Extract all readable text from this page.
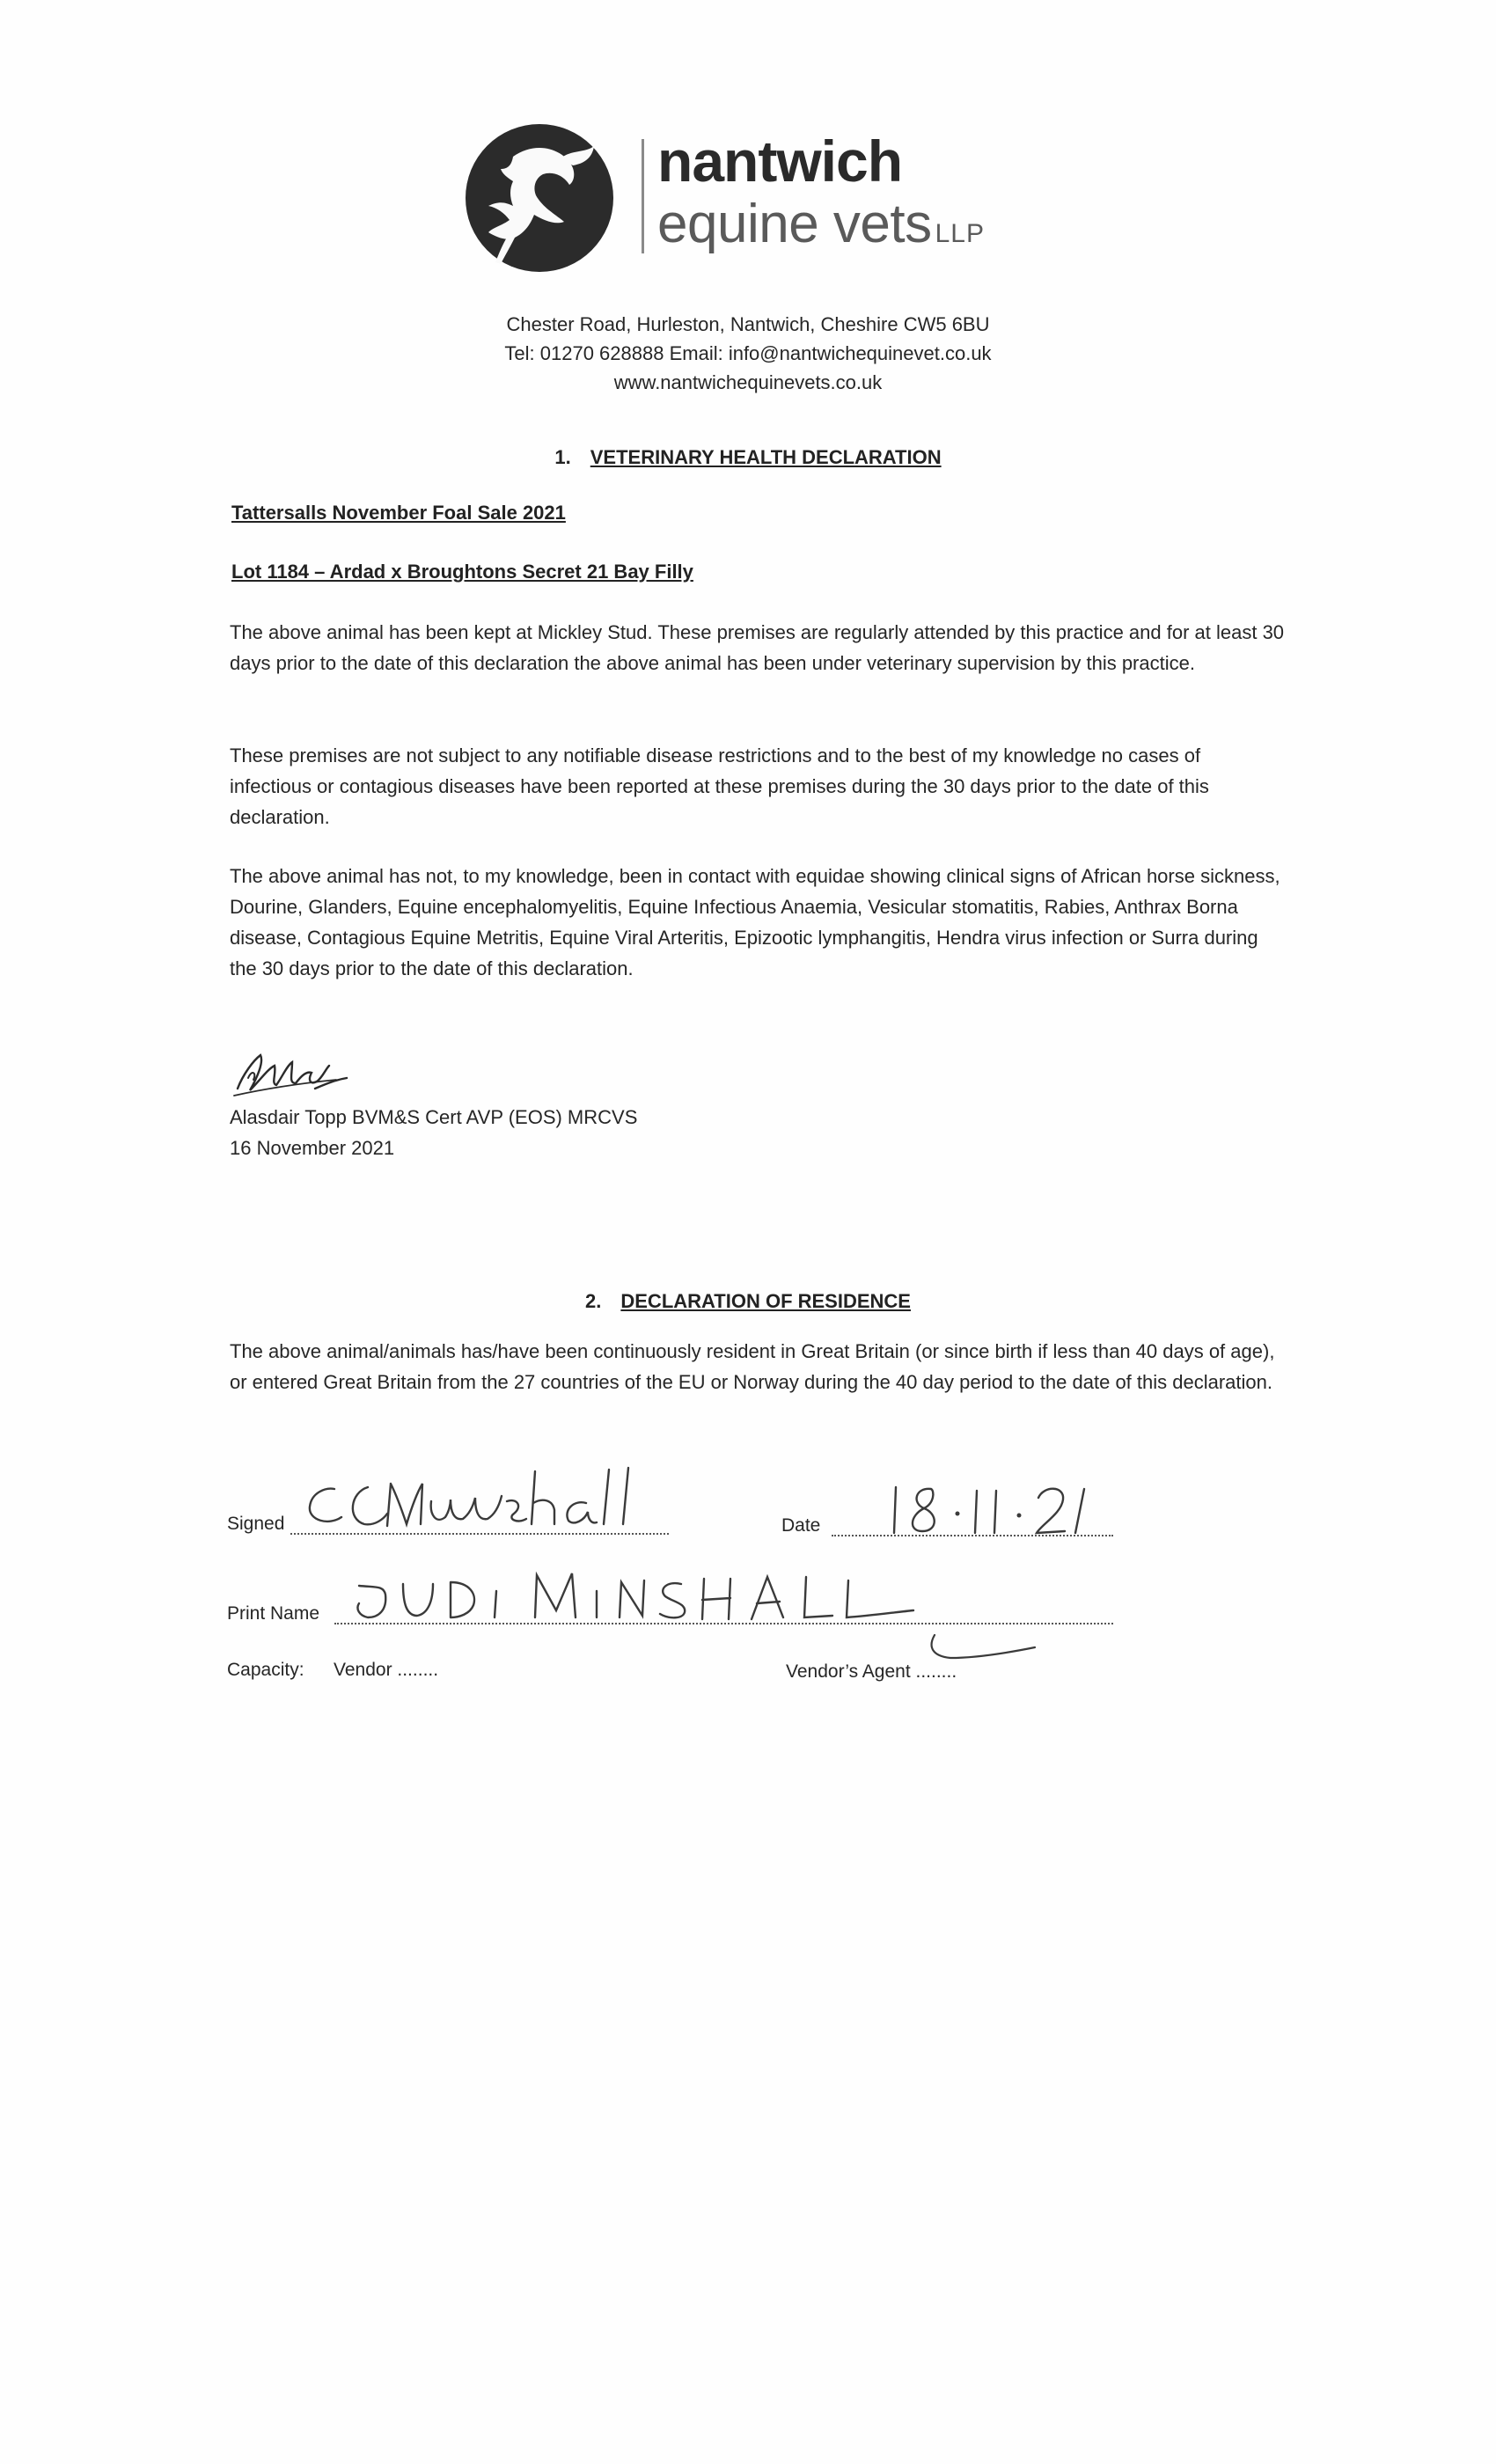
nantwich
equine vets LLP
Chester Road, Hurleston, Nantwich, Cheshire CW5 6BU
Tel: 01270 628888 Email: info@nantwichequinevet.co.uk
www.nantwichequinevets.co.uk
1. VETERINARY HEALTH DECLARATION
Tattersalls November Foal Sale 2021
Lot 1184 – Ardad x Broughtons Secret 21 Bay Filly
The above animal has been kept at Mickley Stud. These premises are regularly attended by this practice and for at least 30 days prior to the date of this declaration the above animal has been under veterinary supervision by this practice.
These premises are not subject to any notifiable disease restrictions and to the best of my knowledge no cases of infectious or contagious diseases have been reported at these premises during the 30 days prior to the date of this declaration.
The above animal has not, to my knowledge, been in contact with equidae showing clinical signs of African horse sickness, Dourine, Glanders, Equine encephalomyelitis, Equine Infectious Anaemia, Vesicular stomatitis, Rabies, Anthrax Borna disease, Contagious Equine Metritis, Equine Viral Arteritis, Epizootic lymphangitis, Hendra virus infection or Surra during the 30 days prior to the date of this declaration.
Alasdair Topp BVM&S Cert AVP (EOS) MRCVS
16 November 2021
2. DECLARATION OF RESIDENCE
The above animal/animals has/have been continuously resident in Great Britain (or since birth if less than 40 days of age), or entered Great Britain from the 27 countries of the EU or Norway during the 40 day period to the date of this declaration.
Signed	Date
Print Name
Capacity: Vendor ........	Vendor’s Agent ........
